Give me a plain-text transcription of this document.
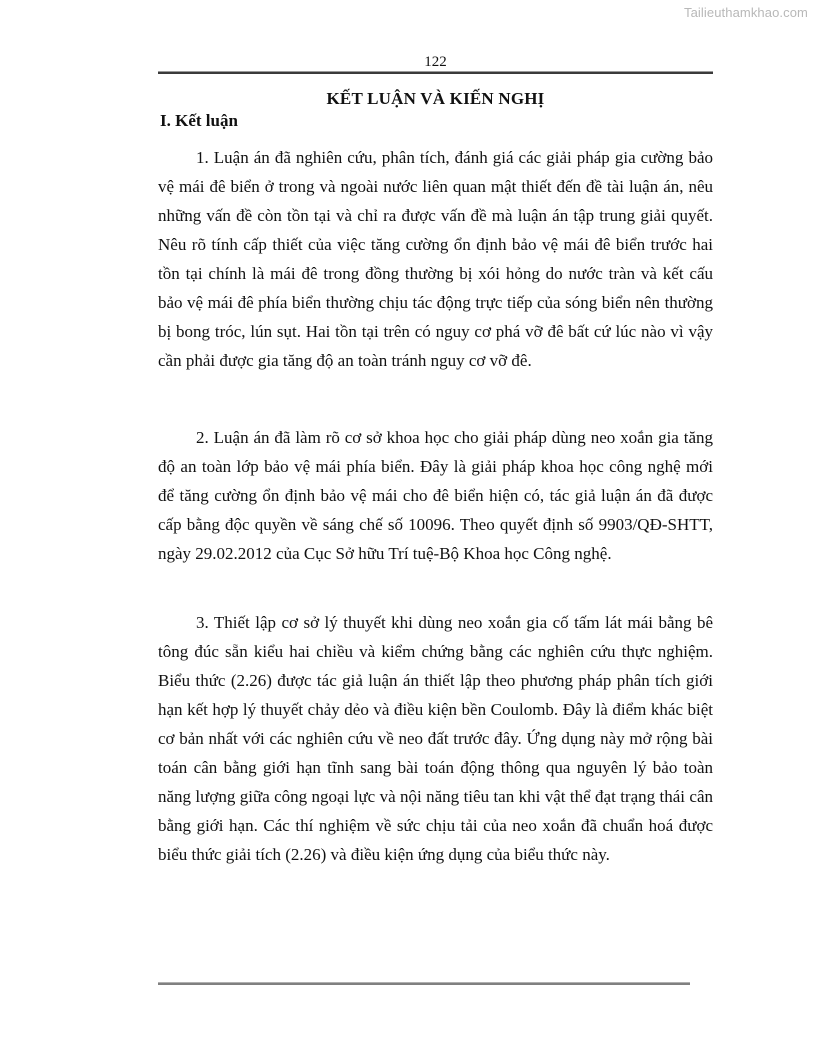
Tailieuthamkhao.com
122
KẾT LUẬN VÀ KIẾN NGHỊ
I. Kết luận

1. Luận án đã nghiên cứu, phân tích, đánh giá các giải pháp gia cường bảo vệ mái đê biển ở trong và ngoài nước liên quan mật thiết đến đề tài luận án, nêu những vấn đề còn tồn tại và chỉ ra được vấn đề mà luận án tập trung giải quyết. Nêu rõ tính cấp thiết của việc tăng cường ổn định bảo vệ mái đê biển trước hai tồn tại chính là mái đê trong đồng thường bị xói hỏng do nước tràn và kết cấu bảo vệ mái đê phía biển thường chịu tác động trực tiếp của sóng biển nên thường bị bong tróc, lún sụt. Hai tồn tại trên có nguy cơ phá vỡ đê bất cứ lúc nào vì vậy cần phải được gia tăng độ an toàn tránh nguy cơ vỡ đê.

2. Luận án đã làm rõ cơ sở khoa học cho giải pháp dùng neo xoắn gia tăng độ an toàn lớp bảo vệ mái phía biển. Đây là giải pháp khoa học công nghệ mới để tăng cường ổn định bảo vệ mái cho đê biển hiện có, tác giả luận án đã được cấp bằng độc quyền về sáng chế số 10096. Theo quyết định số 9903/QĐ-SHTT, ngày 29.02.2012 của Cục Sở hữu Trí tuệ-Bộ Khoa học Công nghệ.

3. Thiết lập cơ sở lý thuyết khi dùng neo xoắn gia cố tấm lát mái bằng bê tông đúc sẵn kiểu hai chiều và kiểm chứng bằng các nghiên cứu thực nghiệm. Biểu thức (2.26) được tác giả luận án thiết lập theo phương pháp phân tích giới hạn kết hợp lý thuyết chảy dẻo và điều kiện bền Coulomb. Đây là điểm khác biệt cơ bản nhất với các nghiên cứu về neo đất trước đây. Ứng dụng này mở rộng bài toán cân bằng giới hạn tĩnh sang bài toán động thông qua nguyên lý bảo toàn năng lượng giữa công ngoại lực và nội năng tiêu tan khi vật thể đạt trạng thái cân bằng giới hạn. Các thí nghiệm về sức chịu tải của neo xoắn đã chuẩn hoá được biểu thức giải tích (2.26) và điều kiện ứng dụng của biểu thức này.
